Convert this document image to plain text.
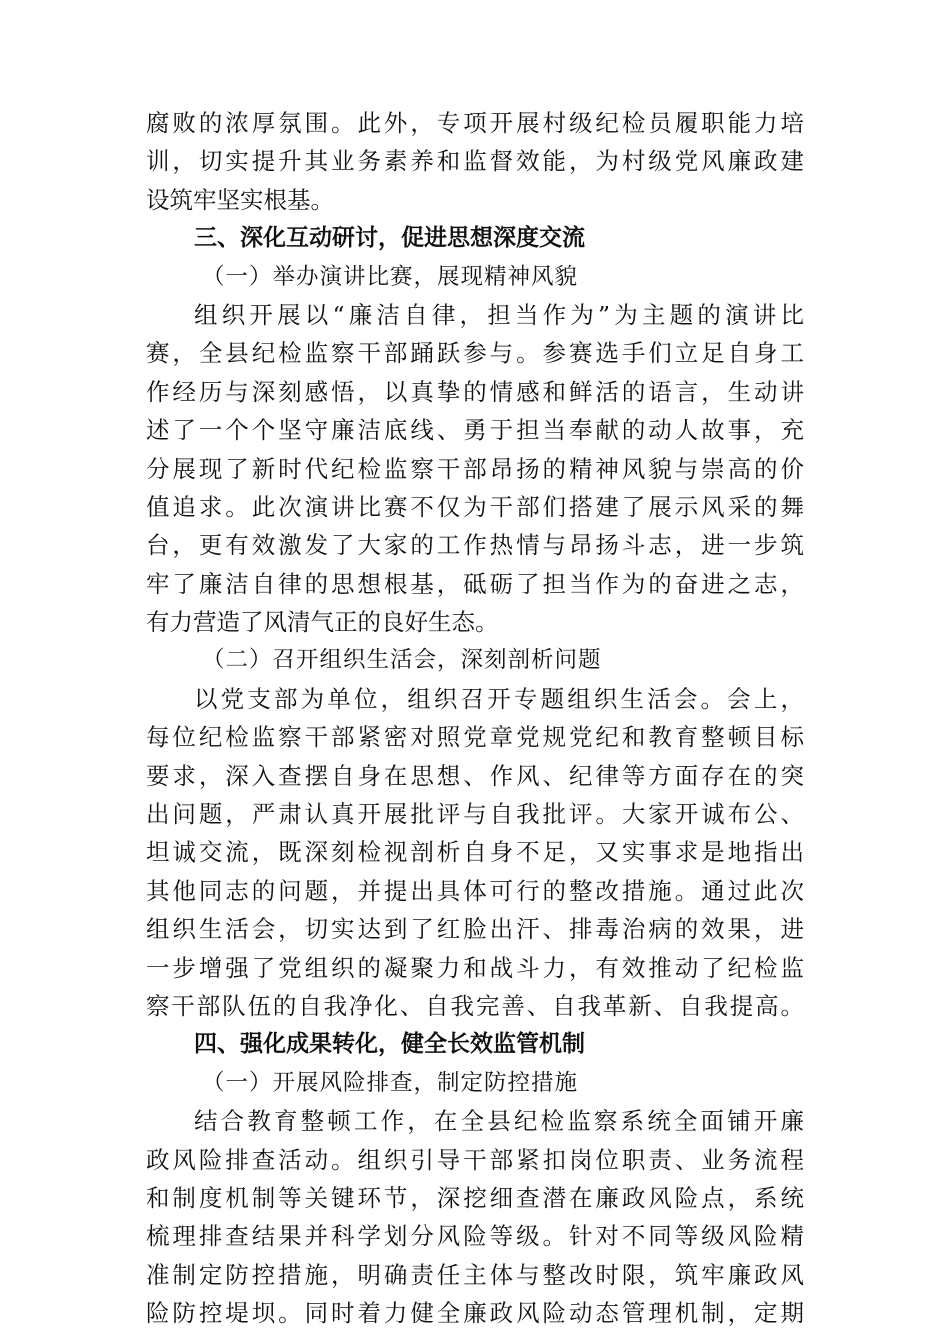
腐败的浓厚氛围。此外，专项开展村级纪检员履职能力培
训，切实提升其业务素养和监督效能，为村级党风廉政建
设筑牢坚实根基。
三、深化互动研讨，促进思想深度交流
（一）举办演讲比赛，展现精神风貌
组织开展以“廉洁自律，担当作为”为主题的演讲比
赛，全县纪检监察干部踊跃参与。参赛选手们立足自身工
作经历与深刻感悟，以真挚的情感和鲜活的语言，生动讲
述了一个个坚守廉洁底线、勇于担当奉献的动人故事，充
分展现了新时代纪检监察干部昂扬的精神风貌与崇高的价
值追求。此次演讲比赛不仅为干部们搭建了展示风采的舞
台，更有效激发了大家的工作热情与昂扬斗志，进一步筑
牢了廉洁自律的思想根基，砥砺了担当作为的奋进之志，
有力营造了风清气正的良好生态。
（二）召开组织生活会，深刻剖析问题
以党支部为单位，组织召开专题组织生活会。会上，
每位纪检监察干部紧密对照党章党规党纪和教育整顿目标
要求，深入查摆自身在思想、作风、纪律等方面存在的突
出问题，严肃认真开展批评与自我批评。大家开诚布公、
坦诚交流，既深刻检视剖析自身不足，又实事求是地指出
其他同志的问题，并提出具体可行的整改措施。通过此次
组织生活会，切实达到了红脸出汗、排毒治病的效果，进
一步增强了党组织的凝聚力和战斗力，有效推动了纪检监
察干部队伍的自我净化、自我完善、自我革新、自我提高。
四、强化成果转化，健全长效监管机制
（一）开展风险排查，制定防控措施
结合教育整顿工作，在全县纪检监察系统全面铺开廉
政风险排查活动。组织引导干部紧扣岗位职责、业务流程
和制度机制等关键环节，深挖细查潜在廉政风险点，系统
梳理排查结果并科学划分风险等级。针对不同等级风险精
准制定防控措施，明确责任主体与整改时限，筑牢廉政风
险防控堤坝。同时着力健全廉政风险动态管理机制，定期
